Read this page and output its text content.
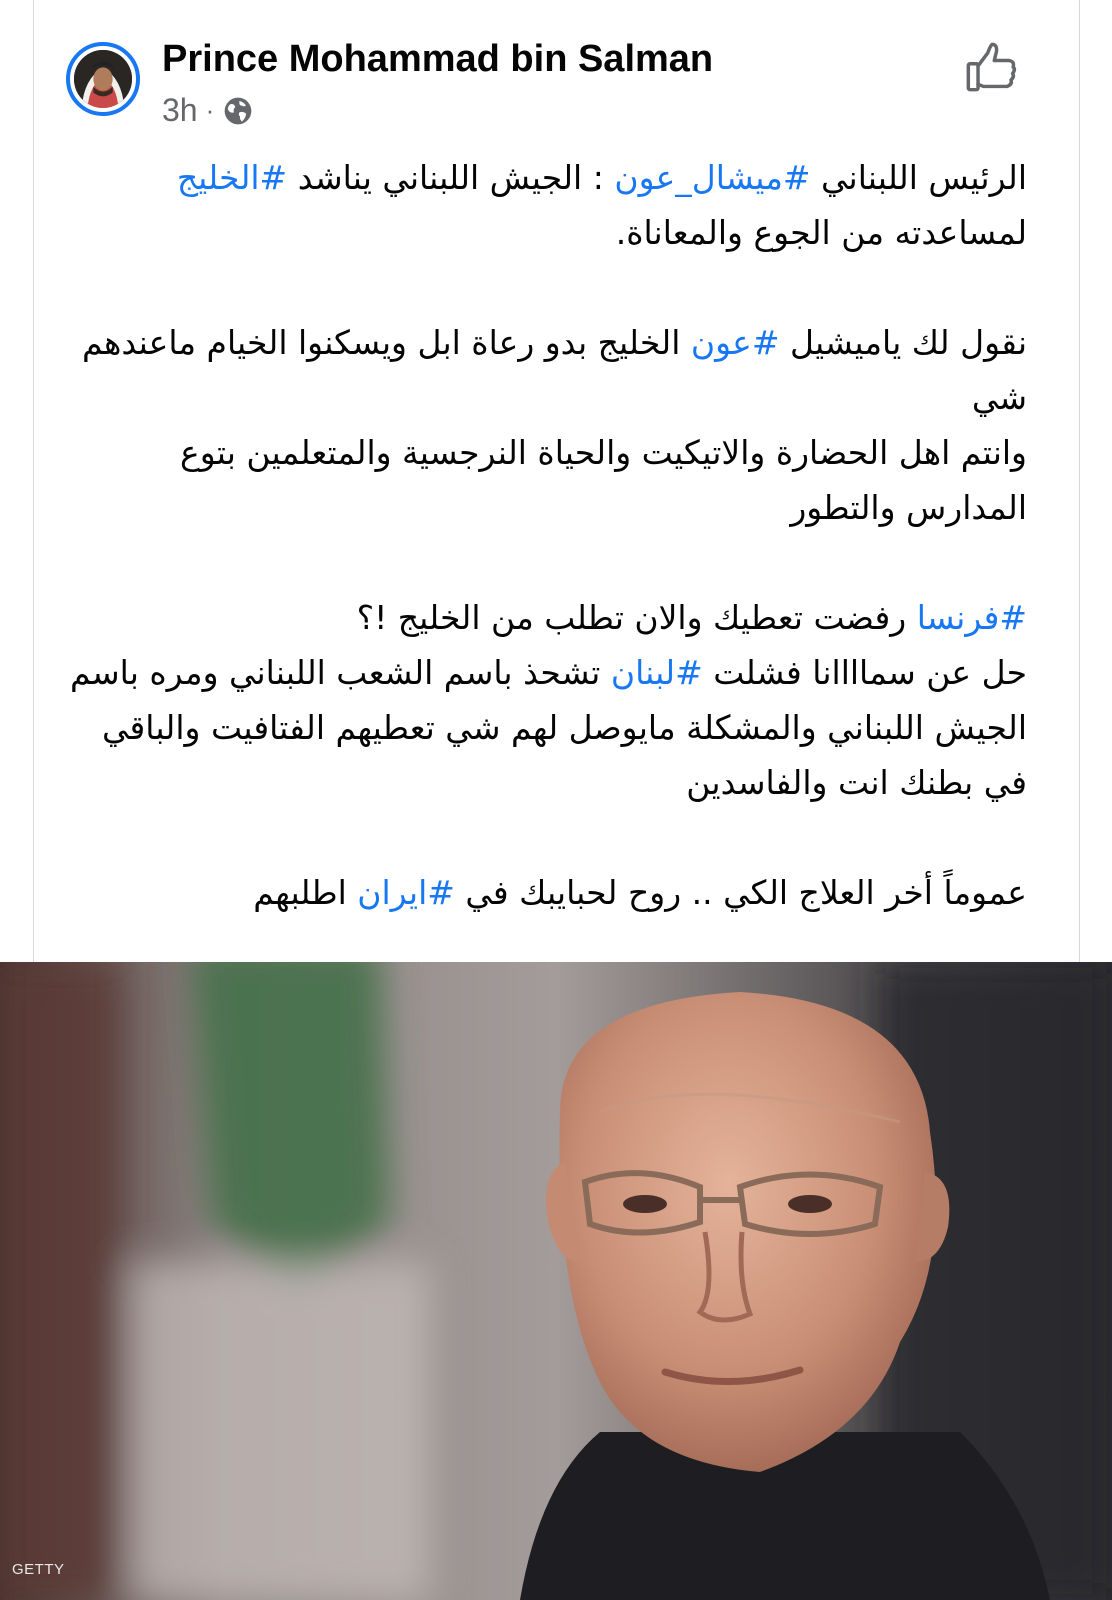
Prince Mohammad bin Salman
3h ·

الرئيس اللبناني #ميشال_عون : الجيش اللبناني يناشد #الخليج لمساعدته من الجوع والمعاناة.

نقول لك ياميشيل #عون الخليج بدو رعاة ابل ويسكنوا الخيام ماعندهم شي

وانتم اهل الحضارة والاتيكيت والحياة النرجسية والمتعلمين بتوع المدارس والتطور

#فرنسا رفضت تعطيك والان تطلب من الخليج !؟

حل عن سماااانا فشلت #لبنان تشحذ باسم الشعب اللبناني ومره باسم الجيش اللبناني والمشكلة مايوصل لهم شي تعطيهم الفتافيت والباقي في بطنك انت والفاسدين

عموماً أخر العلاج الكي .. روح لحبايبك في #ايران اطلبهم

GETTY
